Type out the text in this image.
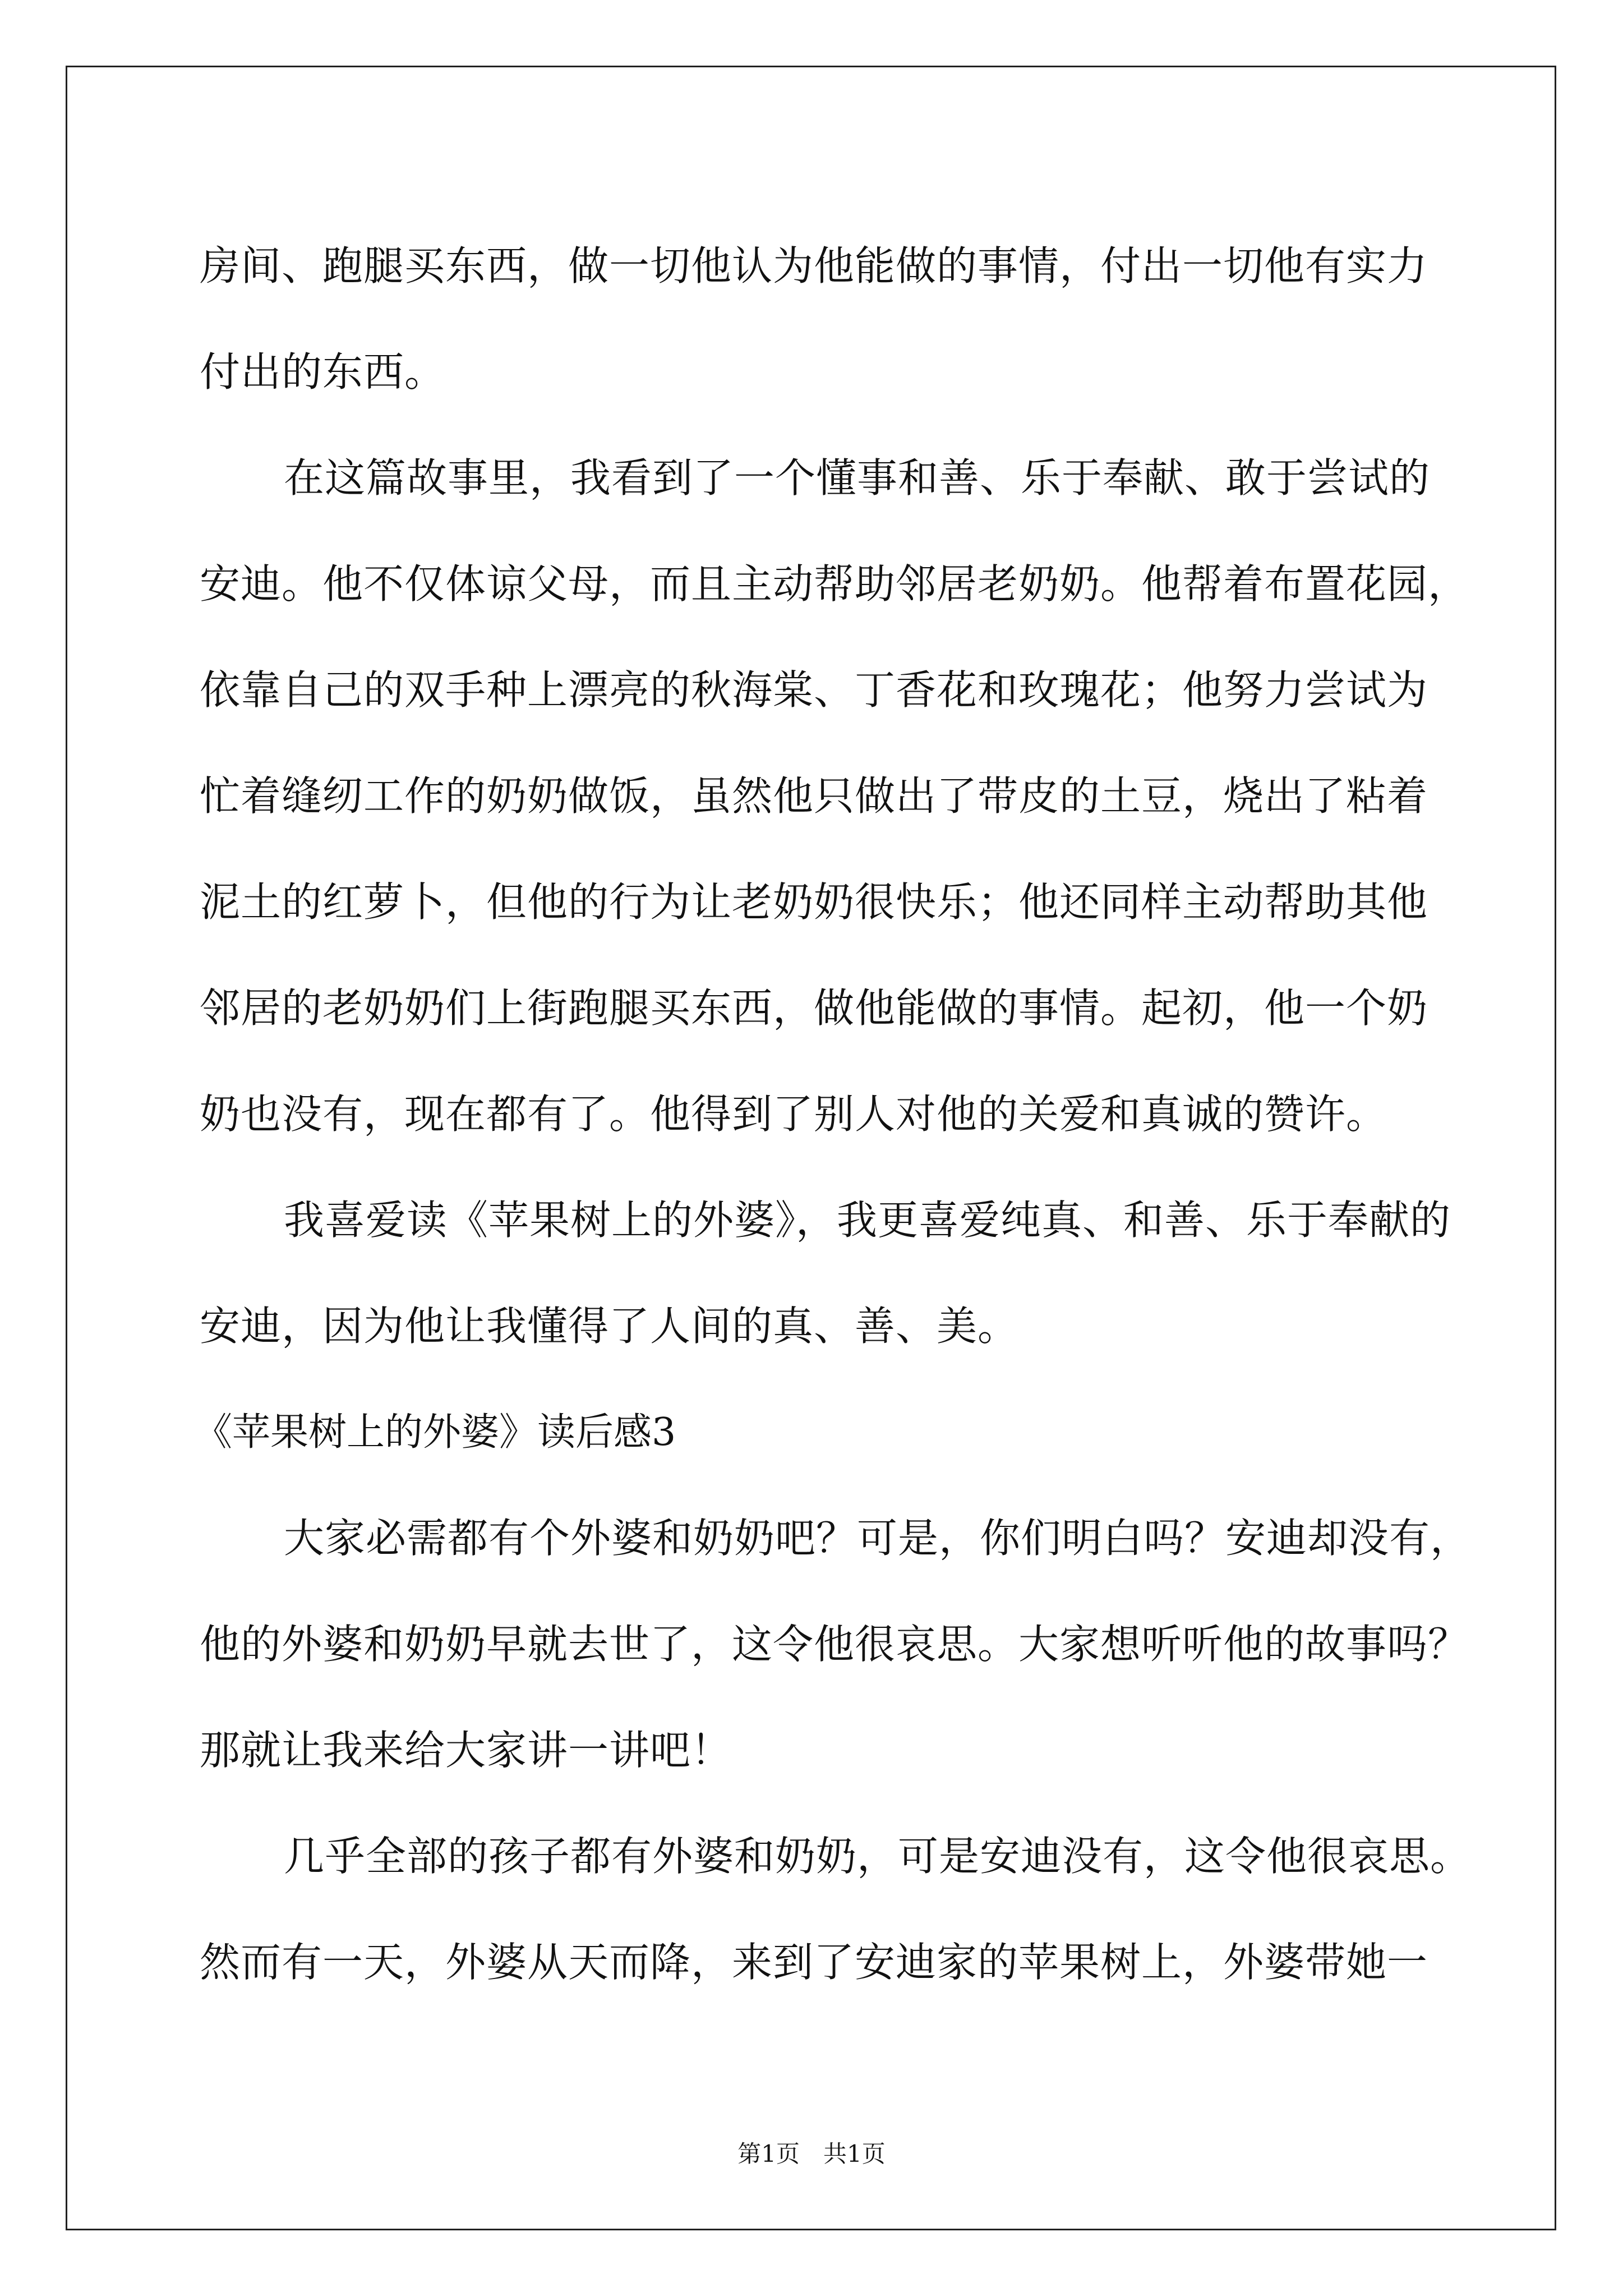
房间、跑腿买东西，做一切他认为他能做的事情，付出一切他有实力
付出的东西。
在这篇故事里，我看到了一个懂事和善、乐于奉献、敢于尝试的
安迪。他不仅体谅父母，而且主动帮助邻居老奶奶。他帮着布置花园，
依靠自己的双手种上漂亮的秋海棠、丁香花和玫瑰花；他努力尝试为
忙着缝纫工作的奶奶做饭，虽然他只做出了带皮的土豆，烧出了粘着
泥土的红萝卜，但他的行为让老奶奶很快乐；他还同样主动帮助其他
邻居的老奶奶们上街跑腿买东西，做他能做的事情。起初，他一个奶
奶也没有，现在都有了。他得到了别人对他的关爱和真诚的赞许。
我喜爱读《苹果树上的外婆》，我更喜爱纯真、和善、乐于奉献的
安迪，因为他让我懂得了人间的真、善、美。
《苹果树上的外婆》读后感3
大家必需都有个外婆和奶奶吧？可是，你们明白吗？安迪却没有，
他的外婆和奶奶早就去世了，这令他很哀思。大家想听听他的故事吗？
那就让我来给大家讲一讲吧！
几乎全部的孩子都有外婆和奶奶，可是安迪没有，这令他很哀思。
然而有一天，外婆从天而降，来到了安迪家的苹果树上，外婆带她一
第1页　共1页
